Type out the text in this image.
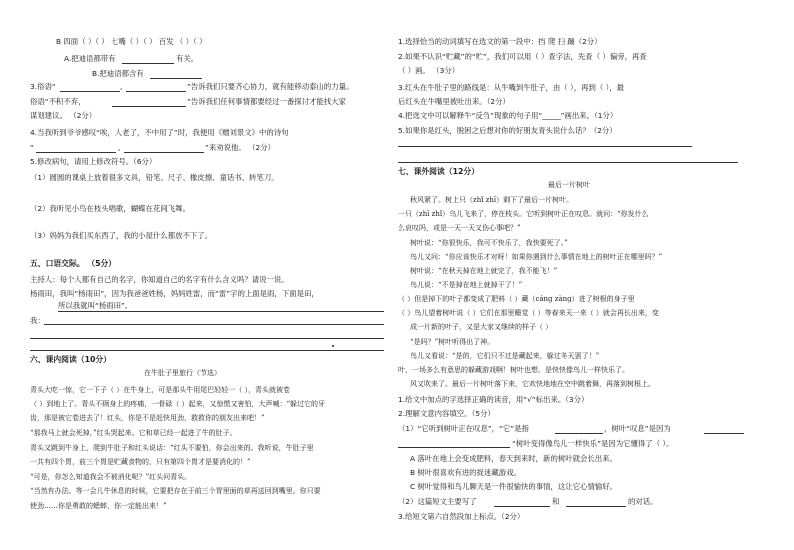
B 四面（ ）（ ） 七嘴（ ）（ ） 百发 （ ）（ ）
A.把迪语都带有	有关。
B.把迪语都含有
3.俗语“	,	”告诉我们只要齐心协力，就有能移动泰山的力量。
俗语“不积不弃，	”告诉我们任何事情都要经过一番探讨才能找大家
谋划建议。 （2分）
4.当我听到爷爷感叹“唉，人老了，不中用了”时，我便用《赠刘景文》中的诗句
“	,	”来劝说他。 （2分）
5.修改病句，请用上修改符号。（6分）
（1）圆圆的课桌上放着很多文具，铅笔、尺子、橡皮擦、童话书、转笔刀。
（2）我听见小鸟在枝头唱歌，蝴蝶在花间飞舞。
（3）妈妈为我们买东西了，我的小屋什么都放不下了。
五、口语交际。 （5分）
主持人：每个人都有自己的名字，你知道自己的名字有什么含义吗？请说一说。
杨雨田，我叫“杨雨田”，因为我爸爸姓杨，妈妈姓雷，而“雷”字的上面是雨，下面是田，
所以我就叫“杨雨田”。
我：
六、课内阅读（10分）
在牛肚子里旅行（节选）
青头大吃一惊，它一下子（ ）在牛身上，可是那头牛用尾巴轻轻一（ ），青头就被卷
（ ）到地上了。青头不顾身上的疼痛，一骨碌（ ）起来，又惊慌又害怕，大声喊：“躲过它的牙
齿，那是被它卷进去了！红头，你是不是赶快用劲，救救你的朋友出来吧！”
“那我马上就会死掉，”红头哭起来。它和草已经一起进了牛的肚子。
青头又跳到牛身上，爬到牛肚子和红头说话：“红头不要怕，你会出来的。我听说，牛肚子里
一共有四个胃，前三个胃是贮藏食物的，只有第四个胃才是要消化的！”
“可是，你怎么知道我会不被消化呢？”红头问青头。
“当然有办法。等一会儿牛休息的时候，它要把存在于前三个胃里面的草再送回到嘴里。你只要
使劲……你是勇敢的蟋蟀，你一定能出来！”
1.选择恰当的动词填写在选文的第一段中：挡 爬 扫 蹦（2分）
2.如果不认识“贮藏”的“贮”，我们可以用（ ）查字法，先查（ ）偏旁，再查
（ ）画。 （3分）
3.红头在牛肚子里的路线是：从牛嘴到牛肚子，由（ ），再到（ ），最
后红头在牛嘴里被吐出来。（2分）
4.把选文中可以解释牛“反刍”现象的句子用“_____”画出来。（1分）
5.如果你是红头，脱困之后想对你的好朋友青头说什么话？（2分）
七、课外阅读（12分）
最后一片树叶
秋风紧了。树上只（zhǐ zhī）剩下了最后一片树叶。
一只（zhī zhǐ）乌儿飞来了，停在枝头。它听到树叶正在叹息。就问：“你发什么
么哀叹吗，或是一天一天又伤心事吧？”
树叶说：“你很快乐，我可不快乐了，我快要死了。”
鸟儿又问：“你应该快乐才对呀！如果你遇到什么事情在地上的树叶正在哪里吗？”
树叶说：“在秋天掉在地上就完了，我不能飞！”
鸟儿说：“不是掉在地上就掉干了！”
（ ）但是掉下的叶子都变成了肥料（ ）藏（cáng zàng）进了树根的身子里
（ ）鸟儿望着树叶说（ ）它们在那里睡觉（ ）等春来天一来（ ）就会再长出来，变
成一片新的叶子，又是大家又继续的样子（ ）
“是吗？”树叶听得出了神。
鸟儿又看说：“是的，它们只不过是藏起来，躲过冬天罢了！”
叶，一场多么有意思的躲藏游戏啊！树叶也想，是快快像鸟儿一样快乐了。
风又吹来了。最后一片树叶落下来，它欢快地地在空中跳着舞，再落到树根上。
1.给文中加点的字选择正确的读音，用“√”标出来。（3分）
2.理解文意内容填空。（5分）
（1）“它听到树叶正在叹息”，“它”是指	，树叶“叹息”是因为
“树叶变得像鸟儿一样快乐”是因为它懂得了（ ）。
A 落叶在地上会变成肥料，春天到来时，新的树叶就会长出来。
B 树叶很喜欢有进的捉迷藏游戏。
C 树叶觉得和鸟儿聊天是一件很愉快的事情，这让它心情愉好。
（2）这篇短文主要写了	和	的对话。
3.给短文第六自然段加上标点。（2分）
